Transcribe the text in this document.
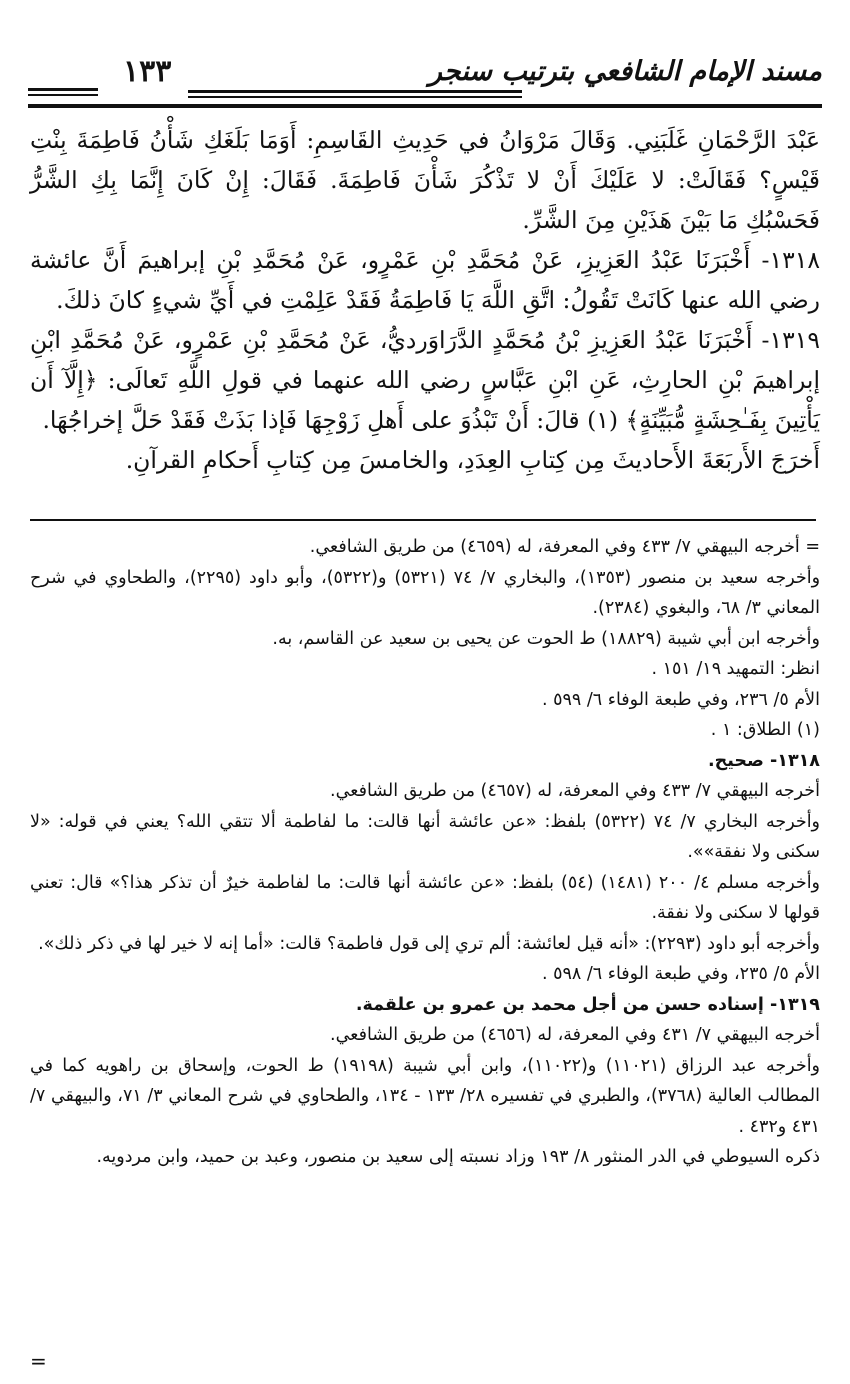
مسند الإمام الشافعي بترتيب سنجر
١٣٣

عَبْدَ الرَّحْمَانِ غَلَبَنِي. وَقَالَ مَرْوَانُ في حَدِيثِ القَاسِمِ: أَوَمَا بَلَغَكِ شَأْنُ فَاطِمَةَ بِنْتِ قَيْسٍ؟ فَقَالَتْ: لا عَلَيْكَ أَنْ لا تَذْكُرَ شَأْنَ فَاطِمَةَ. فَقَالَ: إِنْ كَانَ إِنَّمَا بِكِ الشَّرُّ فَحَسْبُكِ مَا بَيْنَ هَذَيْنِ مِنَ الشَّرِّ.

١٣١٨- أَخْبَرَنَا عَبْدُ العَزِيزِ، عَنْ مُحَمَّدِ بْنِ عَمْرٍو، عَنْ مُحَمَّدِ بْنِ إبراهيمَ أَنَّ عائشة رضي الله عنها كَانَتْ تَقُولُ: اتَّقِ اللَّهَ يَا فَاطِمَةُ فَقَدْ عَلِمْتِ في أَيِّ شيءٍ كانَ ذلكَ.

١٣١٩- أَخْبَرَنَا عَبْدُ العَزِيزِ بْنُ مُحَمَّدٍ الدَّرَاوَرديُّ، عَنْ مُحَمَّدِ بْنِ عَمْرٍو، عَنْ مُحَمَّدِ ابْنِ إبراهيمَ بْنِ الحارِثِ، عَنِ ابْنِ عَبَّاسٍ رضي الله عنهما في قولِ اللَّهِ تَعالَى: ﴿إِلَّآ أَن يَأْتِينَ بِفَـٰحِشَةٍ مُّبَيِّنَةٍ﴾ (١) قالَ: أَنْ تَبْذُوَ على أَهلِ زَوْجِهَا فَإذا بَذَتْ فَقَدْ حَلَّ إخراجُهَا.

أَخرَجَ الأَربَعَةَ الأَحاديثَ مِن كِتابِ العِدَدِ، والخامسَ مِن كِتابِ أَحكامِ القرآنِ.

= أخرجه البيهقي ٧/ ٤٣٣ وفي المعرفة، له (٤٦٥٩) من طريق الشافعي.

وأخرجه سعيد بن منصور (١٣٥٣)، والبخاري ٧/ ٧٤ (٥٣٢١) و(٥٣٢٢)، وأبو داود (٢٢٩٥)، والطحاوي في شرح المعاني ٣/ ٦٨، والبغوي (٢٣٨٤).

وأخرجه ابن أبي شيبة (١٨٨٢٩) ط الحوت عن يحيى بن سعيد عن القاسم، به.

انظر: التمهيد ١٩/ ١٥١ .

الأم ٥/ ٢٣٦، وفي طبعة الوفاء ٦/ ٥٩٩ .

(١) الطلاق: ١ .

١٣١٨- صحيح.

أخرجه البيهقي ٧/ ٤٣٣ وفي المعرفة، له (٤٦٥٧) من طريق الشافعي.

وأخرجه البخاري ٧/ ٧٤ (٥٣٢٢) بلفظ: «عن عائشة أنها قالت: ما لفاطمة ألا تتقي الله؟ يعني في قوله: «لا سكنى ولا نفقة»».

وأخرجه مسلم ٤/ ٢٠٠ (١٤٨١) (٥٤) بلفظ: «عن عائشة أنها قالت: ما لفاطمة خيرٌ أن تذكر هذا؟» قال: تعني قولها لا سكنى ولا نفقة.

وأخرجه أبو داود (٢٢٩٣): «أنه قيل لعائشة: ألم تري إلى قول فاطمة؟ قالت: «أما إنه لا خير لها في ذكر ذلك».

الأم ٥/ ٢٣٥، وفي طبعة الوفاء ٦/ ٥٩٨ .

١٣١٩- إسناده حسن من أجل محمد بن عمرو بن علقمة.

أخرجه البيهقي ٧/ ٤٣١ وفي المعرفة، له (٤٦٥٦) من طريق الشافعي.

وأخرجه عبد الرزاق (١١٠٢١) و(١١٠٢٢)، وابن أبي شيبة (١٩١٩٨) ط الحوت، وإسحاق بن راهويه كما في المطالب العالية (٣٧٦٨)، والطبري في تفسيره ٢٨/ ١٣٣ - ١٣٤، والطحاوي في شرح المعاني ٣/ ٧١، والبيهقي ٧/ ٤٣١ و٤٣٢ .

ذكره السيوطي في الدر المنثور ٨/ ١٩٣ وزاد نسبته إلى سعيد بن منصور، وعبد بن حميد، وابن مردويه.

=
